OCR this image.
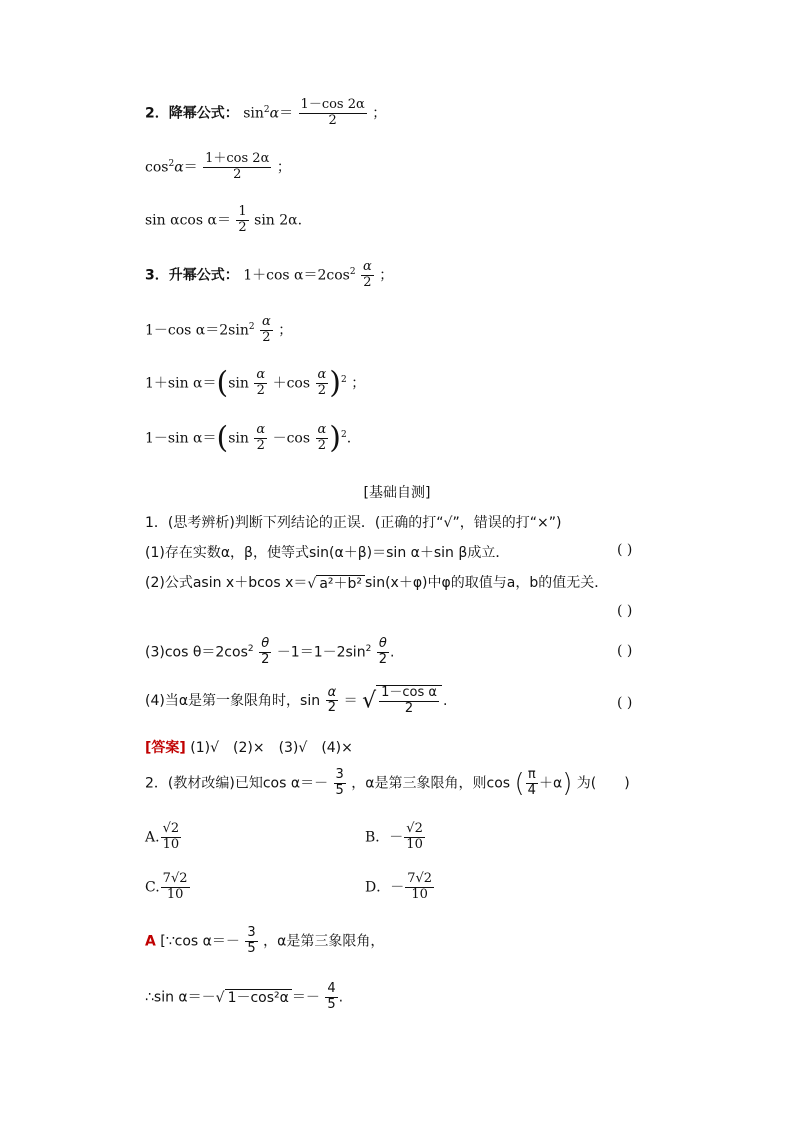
2．降幂公式： $\sin^2\alpha= \frac{1-\cos 2\alpha}{2}$ ；
$\cos^2\alpha= \frac{1+\cos 2\alpha}{2}$ ；
sin αcos $\alpha= \frac{1}{2}$ sin 2α.
3．升幂公式： 1＋cos $\alpha=2\cos^2 \frac{\alpha}{2}$ ；
1－cos $\alpha=2\sin^2 \frac{\alpha}{2}$ ；
1＋sin $\alpha=(\sin \frac{\alpha}{2} +\cos \frac{\alpha}{2} )^2$ ；
1－sin $\alpha=(\sin \frac{\alpha}{2} -\cos \frac{\alpha}{2} )^2$.
[基础自测]
1．(思考辨析)判断下列结论的正误．(正确的打“√”，错误的打“×”)
(1)存在实数α，β，使等式sin(α＋β)＝sin α＋sin β成立．	( )
(2)公式asin x＋bcos x＝√ a²＋b² sin(x＋φ)中φ的取值与a，b的值无关．
( )
(3)cos $\theta=2\cos^2 \frac{\theta}{2} -1=1-2\sin^2 \frac{\theta}{2}$ .	( )
(4)当α是第一象限角时，$\sin \frac{\alpha}{2}$ ＝ √ $\frac{\text{1－cos α}}{2}$ .	( )
[答案] (1)√　(2)×　(3)√　(4)×
2．(教材改编)已知$\cos \alpha=- \frac{3}{5}$ ，α是第三象限角，则cos ( $\frac{\pi}{4} +\alpha$) 为(　　)
A. $\frac{√2}{10}$	B．－ $\frac{√2}{10}$
C. $\frac{7√2}{10}$	D．－ $\frac{7√2}{10}$
A [∵cos $\alpha=- \frac{3}{5}$ ，α是第三象限角，
∴sin α＝－√ $1-\cos^2\alpha =- \frac{4}{5}$ .
